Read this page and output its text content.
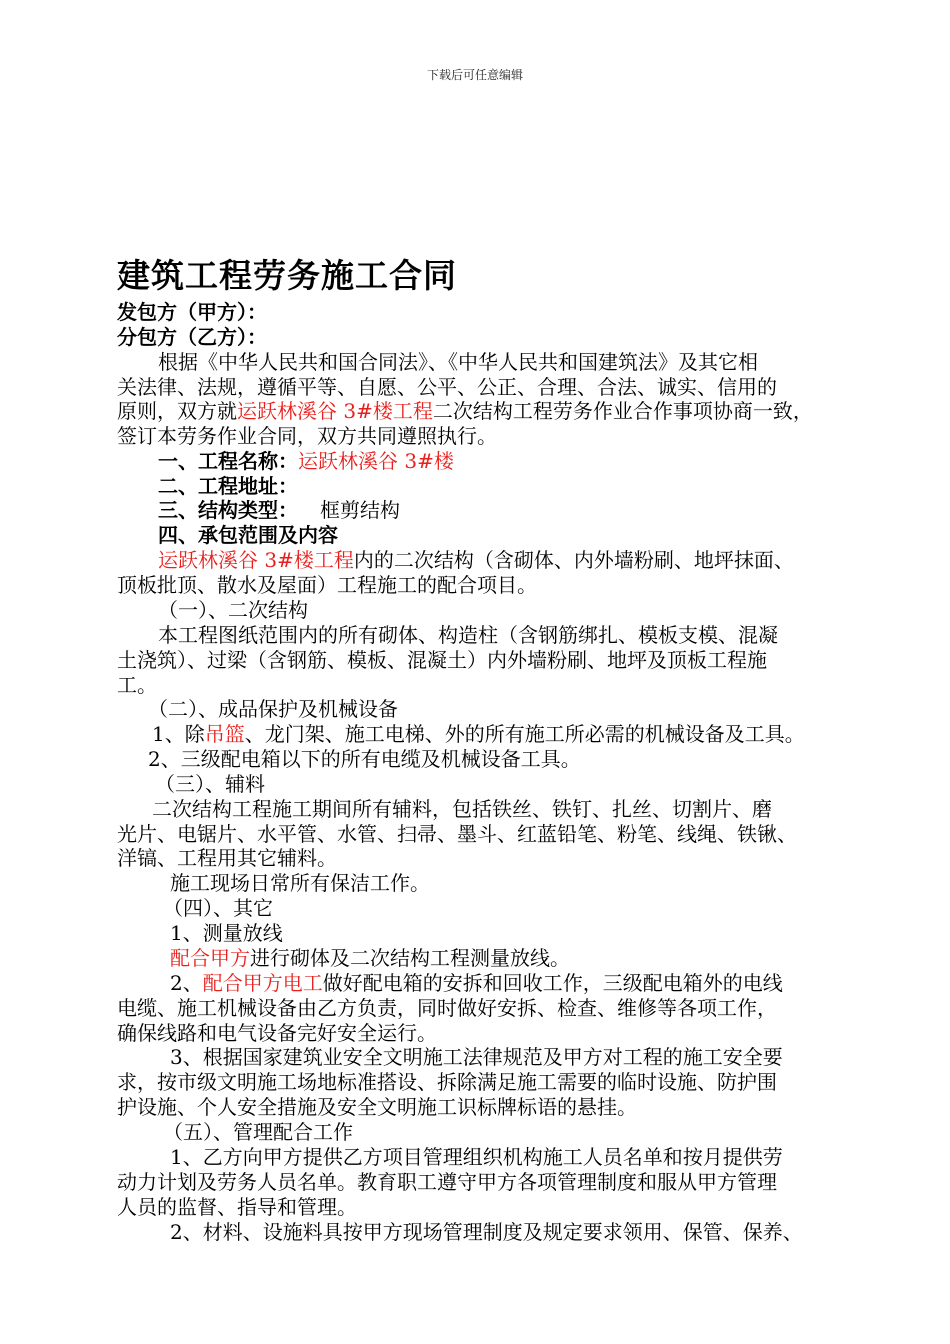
下载后可任意编辑
建筑工程劳务施工合同
发包方（甲方）：
分包方（乙方）：
根据《中华人民共和国合同法》、《中华人民共和国建筑法》及其它相
关法律、法规，遵循平等、自愿、公平、公正、合理、合法、诚实、信用的
原则，双方就运跃林溪谷 3#楼工程二次结构工程劳务作业合作事项协商一致，
签订本劳务作业合同，双方共同遵照执行。
一、工程名称：运跃林溪谷 3#楼
二、工程地址：
三、结构类型： 框剪结构
四、承包范围及内容
运跃林溪谷 3#楼工程内的二次结构（含砌体、内外墙粉刷、地坪抹面、
顶板批顶、散水及屋面）工程施工的配合项目。
（一）、二次结构
本工程图纸范围内的所有砌体、构造柱（含钢筋绑扎、模板支模、混凝
土浇筑）、过梁（含钢筋、模板、混凝土）内外墙粉刷、地坪及顶板工程施
工。
（二）、成品保护及机械设备
1、除吊篮、龙门架、施工电梯、外的所有施工所必需的机械设备及工具。
2、三级配电箱以下的所有电缆及机械设备工具。
（三）、辅料
二次结构工程施工期间所有辅料，包括铁丝、铁钉、扎丝、切割片、磨
光片、电锯片、水平管、水管、扫帚、墨斗、红蓝铅笔、粉笔、线绳、铁锹、
洋镐、工程用其它辅料。
施工现场日常所有保洁工作。
（四）、其它
1、测量放线
配合甲方进行砌体及二次结构工程测量放线。
2、配合甲方电工做好配电箱的安拆和回收工作，三级配电箱外的电线
电缆、施工机械设备由乙方负责，同时做好安拆、检查、维修等各项工作，
确保线路和电气设备完好安全运行。
3、根据国家建筑业安全文明施工法律规范及甲方对工程的施工安全要
求，按市级文明施工场地标准搭设、拆除满足施工需要的临时设施、防护围
护设施、个人安全措施及安全文明施工识标牌标语的悬挂。
（五）、管理配合工作
1、乙方向甲方提供乙方项目管理组织机构施工人员名单和按月提供劳
动力计划及劳务人员名单。教育职工遵守甲方各项管理制度和服从甲方管理
人员的监督、指导和管理。
2、材料、设施料具按甲方现场管理制度及规定要求领用、保管、保养、
